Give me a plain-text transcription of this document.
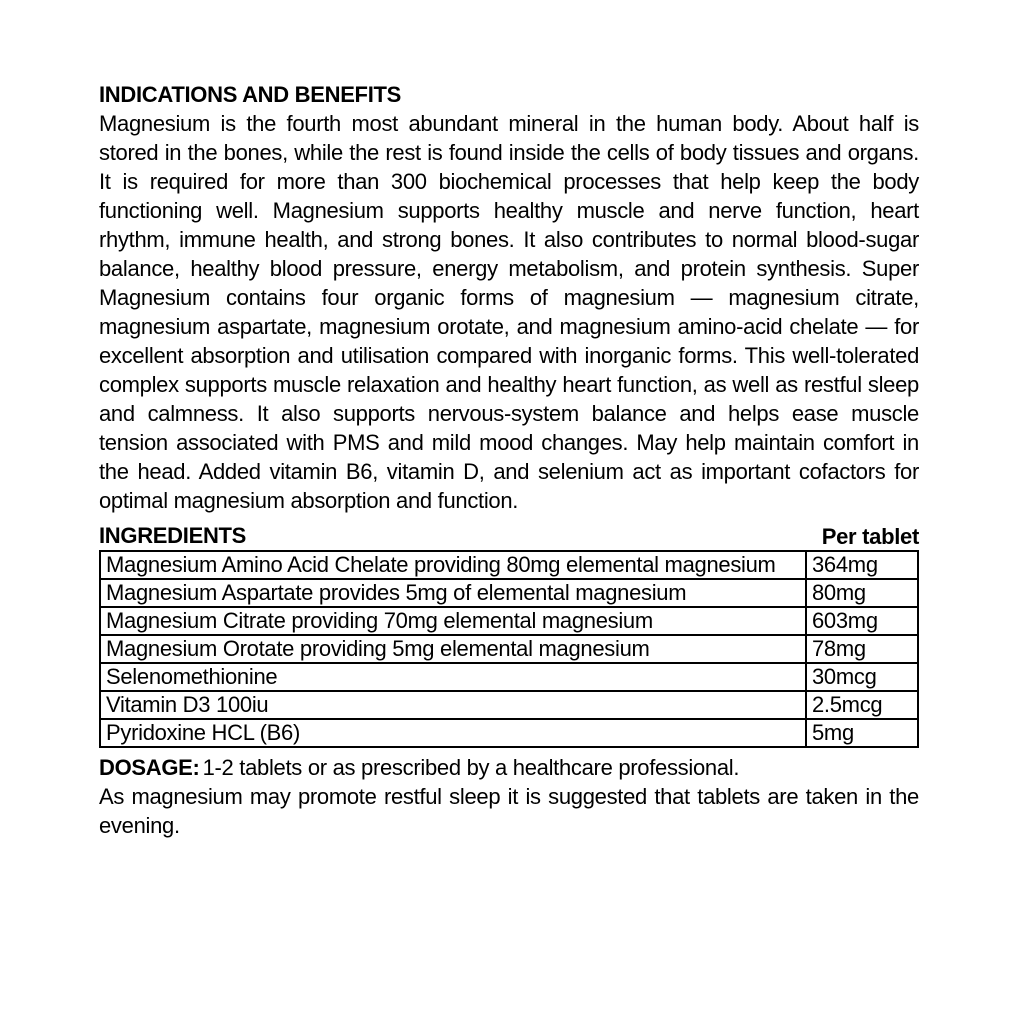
INDICATIONS AND BENEFITS

Magnesium is the fourth most abundant mineral in the human body. About half is stored in the bones, while the rest is found inside the cells of body tissues and organs. It is required for more than 300 biochemical processes that help keep the body functioning well. Magnesium supports healthy muscle and nerve function, heart rhythm, immune health, and strong bones. It also contributes to normal blood-sugar balance, healthy blood pressure, energy metabolism, and protein synthesis. Super Magnesium contains four organic forms of magnesium — magnesium citrate, magnesium aspartate, magnesium orotate, and magnesium amino-acid chelate — for excellent absorption and utilisation compared with inorganic forms. This well-tolerated complex supports muscle relaxation and healthy heart function, as well as restful sleep and calmness. It also supports nervous-system balance and helps ease muscle tension associated with PMS and mild mood changes. May help maintain comfort in the head. Added vitamin B6, vitamin D, and selenium act as important cofactors for optimal magnesium absorption and function.

INGREDIENTS	Per tablet
Magnesium Amino Acid Chelate providing 80mg elemental magnesium	364mg
Magnesium Aspartate provides 5mg of elemental magnesium	80mg
Magnesium Citrate providing 70mg elemental magnesium	603mg
Magnesium Orotate providing 5mg elemental magnesium	78mg
Selenomethionine	30mcg
Vitamin D3 100iu	2.5mcg
Pyridoxine HCL (B6)	5mg

DOSAGE: 1-2 tablets or as prescribed by a healthcare professional.

As magnesium may promote restful sleep it is suggested that tablets are taken in the evening.
